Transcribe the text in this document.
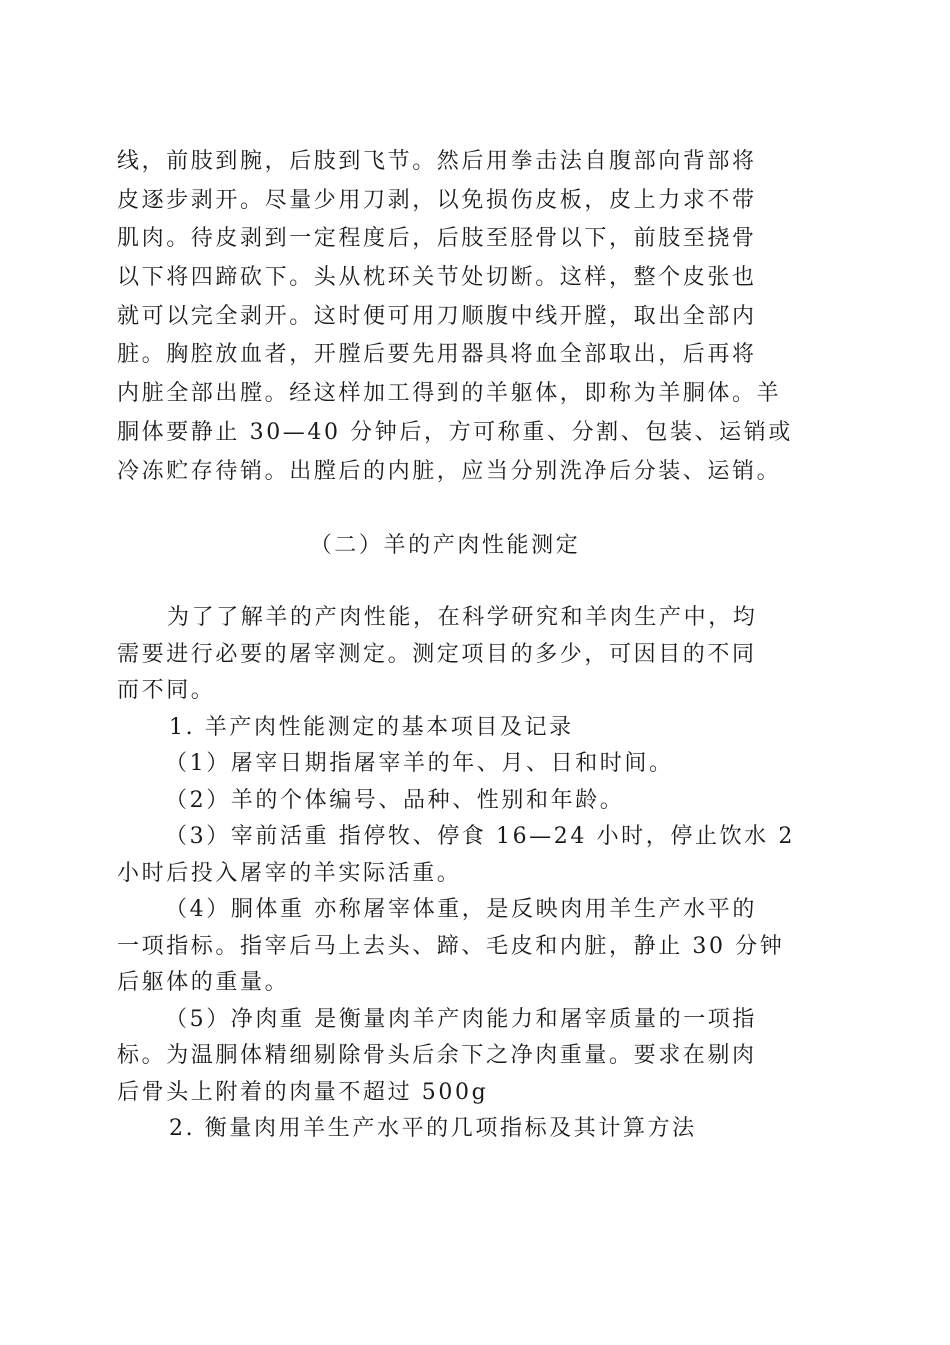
线，前肢到腕，后肢到飞节。然后用拳击法自腹部向背部将
皮逐步剥开。尽量少用刀剥，以免损伤皮板，皮上力求不带
肌肉。待皮剥到一定程度后，后肢至胫骨以下，前肢至挠骨
以下将四蹄砍下。头从枕环关节处切断。这样，整个皮张也
就可以完全剥开。这时便可用刀顺腹中线开膛，取出全部内
脏。胸腔放血者，开膛后要先用器具将血全部取出，后再将
内脏全部出膛。经这样加工得到的羊躯体，即称为羊胴体。羊
胴体要静止 30—40 分钟后，方可称重、分割、包装、运销或
冷冻贮存待销。出膛后的内脏，应当分别洗净后分装、运销。
（二）羊的产肉性能测定
为了了解羊的产肉性能，在科学研究和羊肉生产中，均
需要进行必要的屠宰测定。测定项目的多少，可因目的不同
而不同。
1. 羊产肉性能测定的基本项目及记录
（1）屠宰日期指屠宰羊的年、月、日和时间。
（2）羊的个体编号、品种、性别和年龄。
（3）宰前活重 指停牧、停食 16—24 小时，停止饮水 2
小时后投入屠宰的羊实际活重。
（4）胴体重 亦称屠宰体重，是反映肉用羊生产水平的
一项指标。指宰后马上去头、蹄、毛皮和内脏，静止 30 分钟
后躯体的重量。
（5）净肉重 是衡量肉羊产肉能力和屠宰质量的一项指
标。为温胴体精细剔除骨头后余下之净肉重量。要求在剔肉
后骨头上附着的肉量不超过 500g
2. 衡量肉用羊生产水平的几项指标及其计算方法
